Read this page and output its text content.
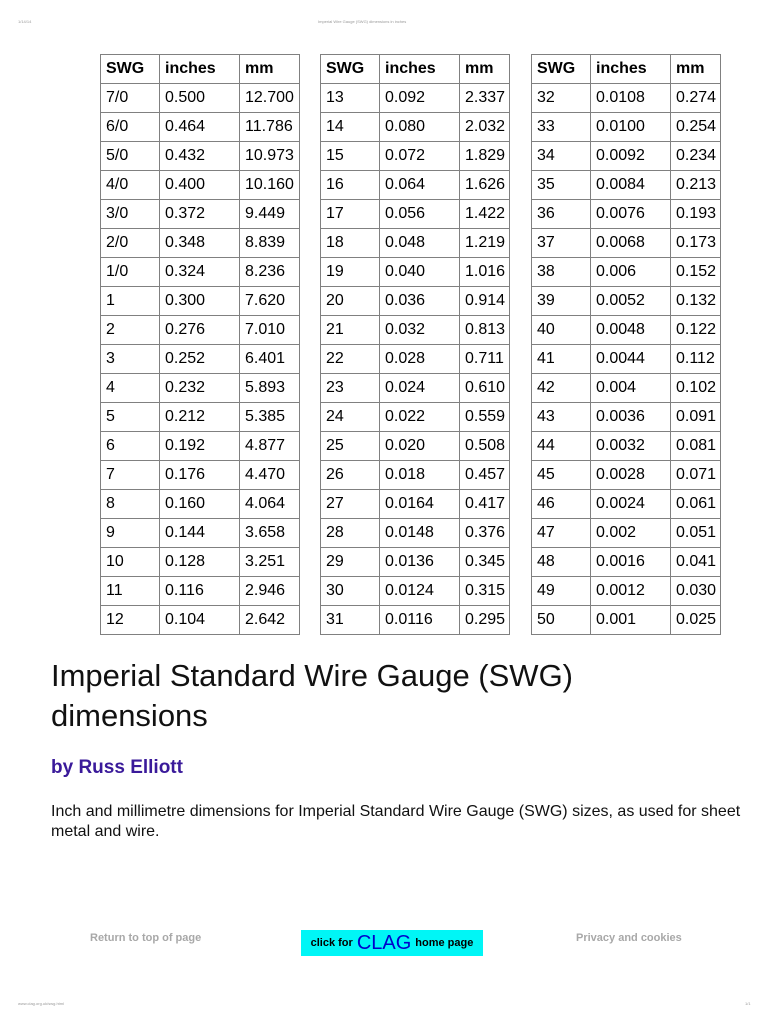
1/14/14	Imperial Wire Gauge (SWG) dimensions in inches
SWG	inches	mm
7/0	0.500	12.700
6/0	0.464	11.786
5/0	0.432	10.973
4/0	0.400	10.160
3/0	0.372	9.449
2/0	0.348	8.839
1/0	0.324	8.236
1	0.300	7.620
2	0.276	7.010
3	0.252	6.401
4	0.232	5.893
5	0.212	5.385
6	0.192	4.877
7	0.176	4.470
8	0.160	4.064
9	0.144	3.658
10	0.128	3.251
11	0.116	2.946
12	0.104	2.642
SWG	inches	mm
13	0.092	2.337
14	0.080	2.032
15	0.072	1.829
16	0.064	1.626
17	0.056	1.422
18	0.048	1.219
19	0.040	1.016
20	0.036	0.914
21	0.032	0.813
22	0.028	0.711
23	0.024	0.610
24	0.022	0.559
25	0.020	0.508
26	0.018	0.457
27	0.0164	0.417
28	0.0148	0.376
29	0.0136	0.345
30	0.0124	0.315
31	0.0116	0.295
SWG	inches	mm
32	0.0108	0.274
33	0.0100	0.254
34	0.0092	0.234
35	0.0084	0.213
36	0.0076	0.193
37	0.0068	0.173
38	0.006	0.152
39	0.0052	0.132
40	0.0048	0.122
41	0.0044	0.112
42	0.004	0.102
43	0.0036	0.091
44	0.0032	0.081
45	0.0028	0.071
46	0.0024	0.061
47	0.002	0.051
48	0.0016	0.041
49	0.0012	0.030
50	0.001	0.025
Imperial Standard Wire Gauge (SWG) dimensions

by Russ Elliott

Inch and millimetre dimensions for Imperial Standard Wire Gauge (SWG) sizes, as used for sheet metal and wire.

Return to top of page	click for CLAG home page	Privacy and cookies
www.clag.org.uk/swg.html	1/1
